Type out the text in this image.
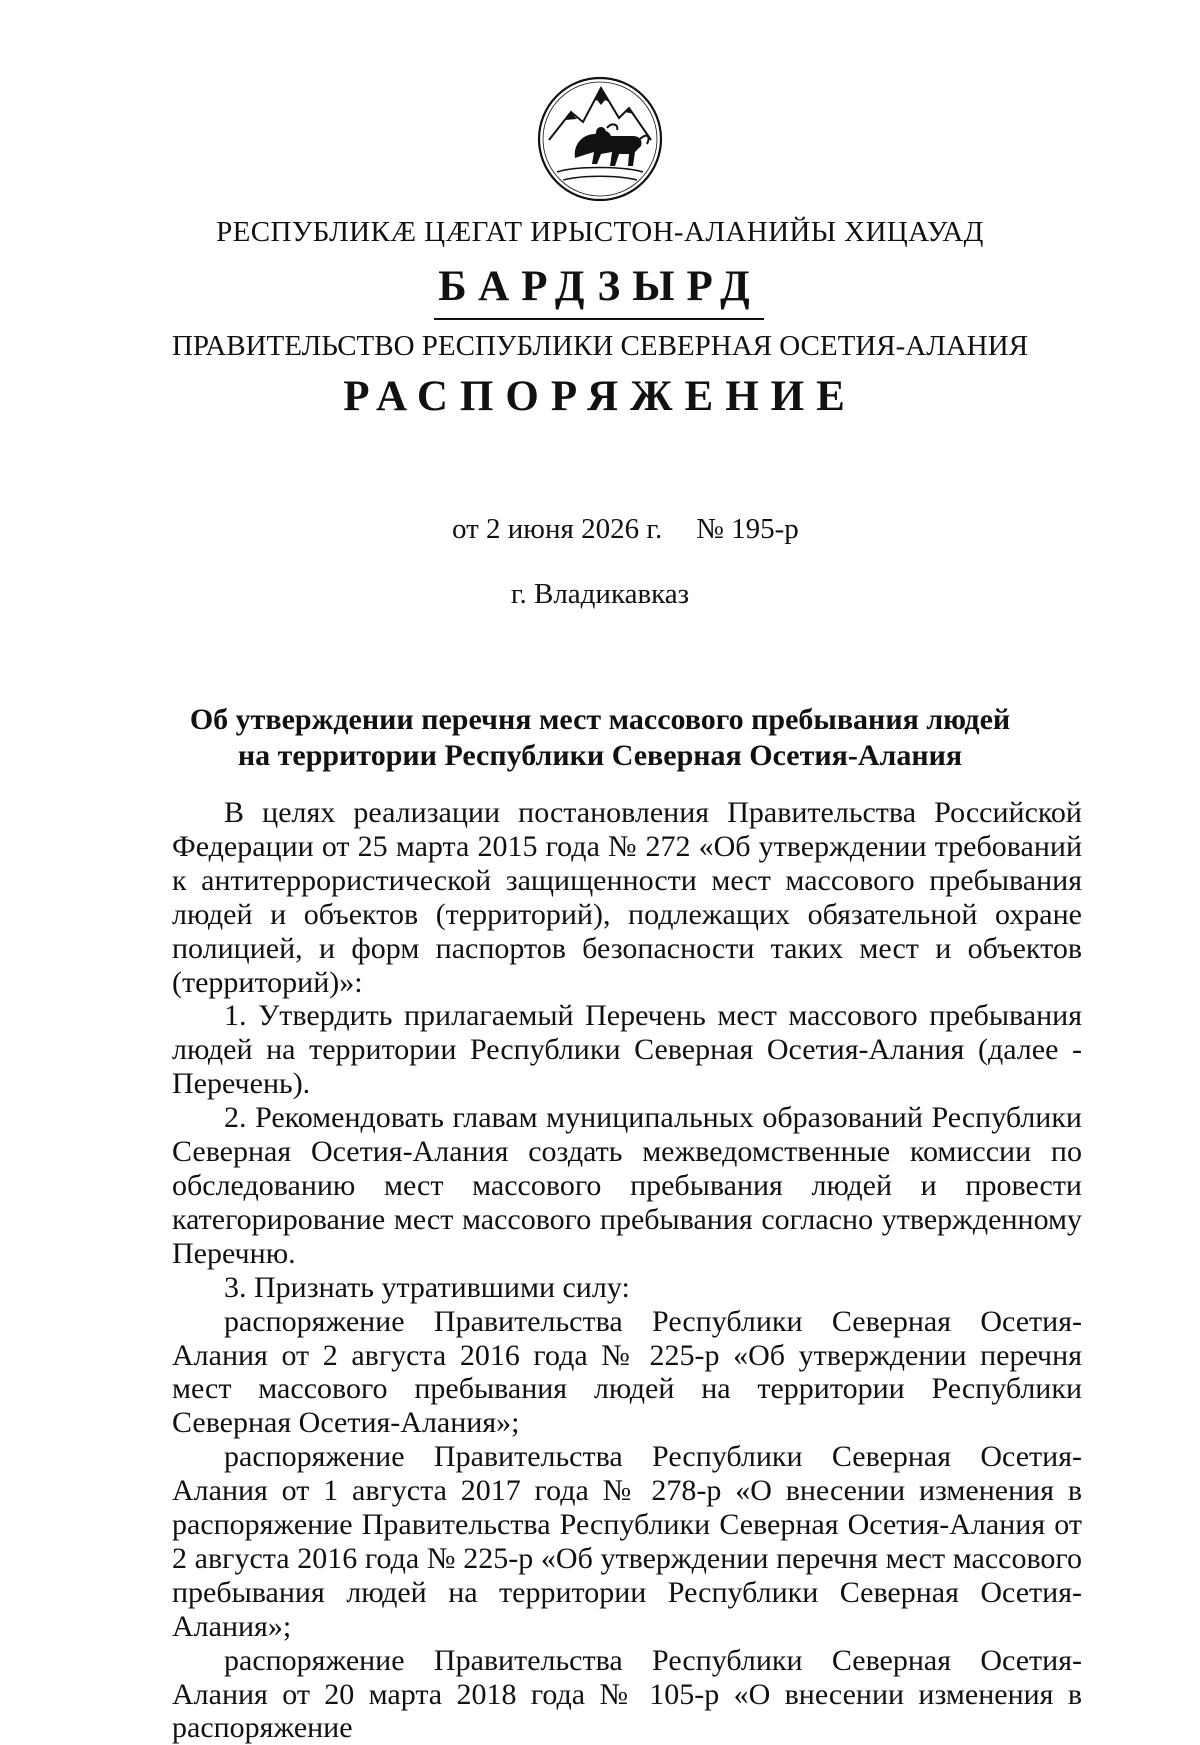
РЕСПУБЛИКÆ ЦÆГАТ ИРЫСТОН-АЛАНИЙЫ ХИЦАУАД
БАРДЗЫРД
ПРАВИТЕЛЬСТВО РЕСПУБЛИКИ СЕВЕРНАЯ ОСЕТИЯ-АЛАНИЯ
РАСПОРЯЖЕНИЕ
от 2 июня 2026 г. № 195-р
г. Владикавказ
Об утверждении перечня мест массового пребывания людей
на территории Республики Северная Осетия-Алания

В целях реализации постановления Правительства Российской Федерации от 25 марта 2015 года № 272 «Об утверждении требований к антитеррористической защищенности мест массового пребывания людей и объектов (территорий), подлежащих обязательной охране полицией, и форм паспортов безопасности таких мест и объектов (территорий)»:

1. Утвердить прилагаемый Перечень мест массового пребывания людей на территории Республики Северная Осетия-Алания (далее - Перечень).

2. Рекомендовать главам муниципальных образований Республики Северная Осетия-Алания создать межведомственные комиссии по обследованию мест массового пребывания людей и провести категорирование мест массового пребывания согласно утвержденному Перечню.

3. Признать утратившими силу:

распоряжение Правительства Республики Северная Осетия-Алания от 2 августа 2016 года № 225-р «Об утверждении перечня мест массового пребывания людей на территории Республики Северная Осетия-Алания»;

распоряжение Правительства Республики Северная Осетия-Алания от 1 августа 2017 года № 278-р «О внесении изменения в распоряжение Правительства Республики Северная Осетия-Алания от 2 августа 2016 года № 225-р «Об утверждении перечня мест массового пребывания людей на территории Республики Северная Осетия-Алания»;

распоряжение Правительства Республики Северная Осетия-Алания от 20 марта 2018 года № 105-р «О внесении изменения в распоряжение
